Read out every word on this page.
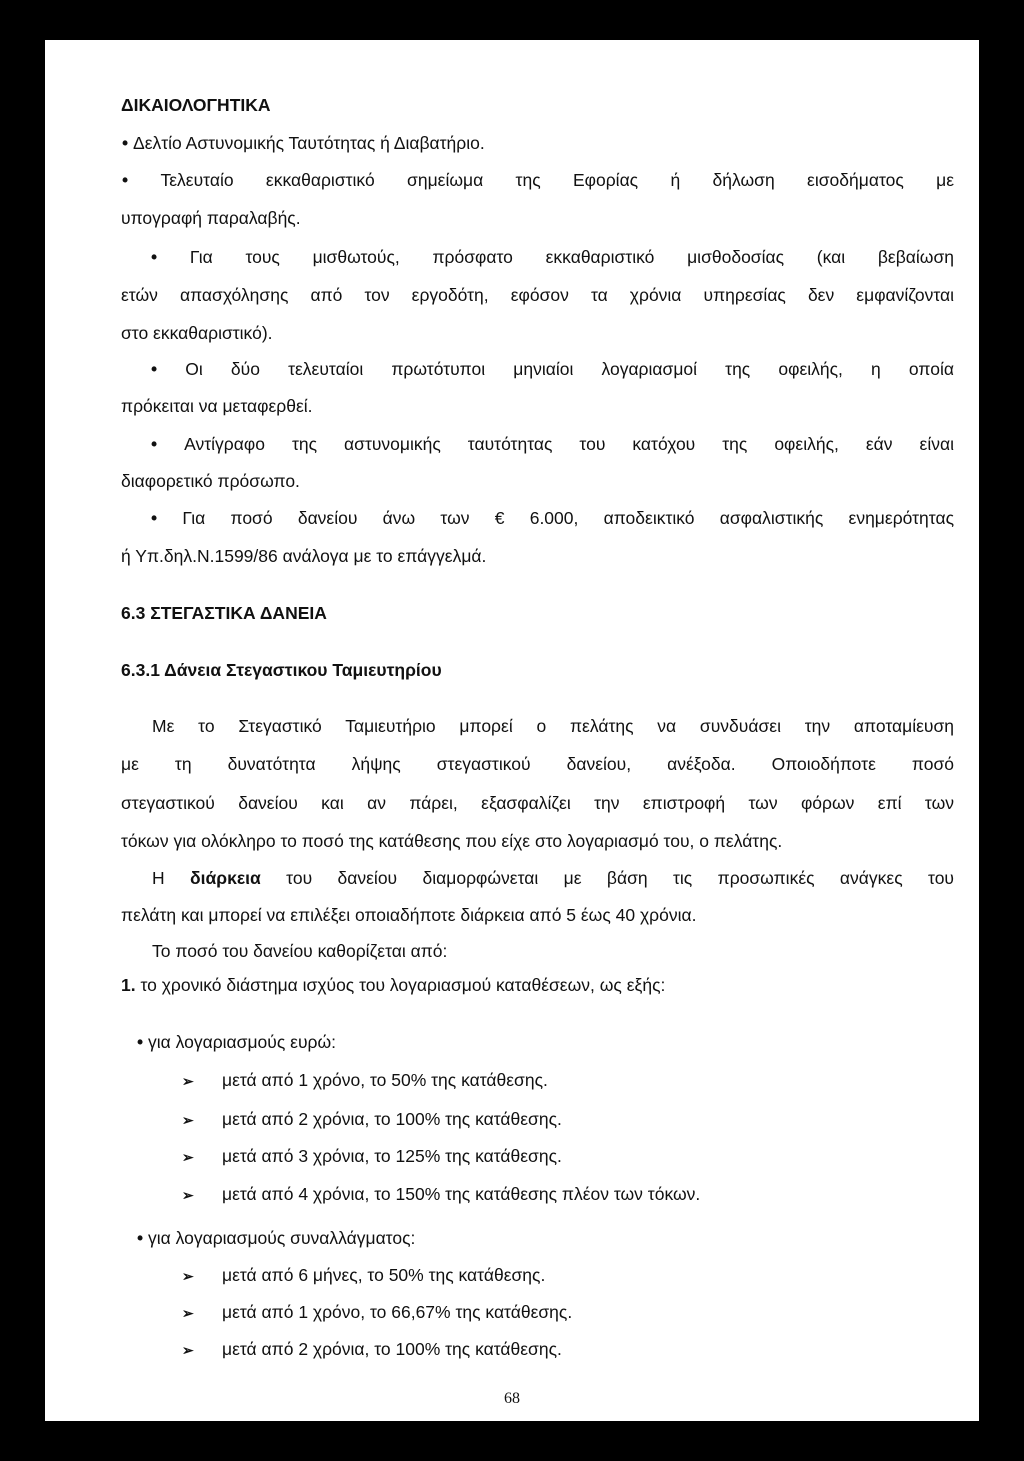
ΔΙΚΑΙΟΛΟΓΗΤΙΚΑ
• Δελτίο Αστυνομικής Ταυτότητας ή Διαβατήριο.
• Τελευταίο εκκαθαριστικό σημείωμα της Εφορίας ή δήλωση εισοδήματος με
υπογραφή παραλαβής.
• Για τους μισθωτούς, πρόσφατο εκκαθαριστικό μισθοδοσίας (και βεβαίωση
ετών απασχόλησης από τον εργοδότη, εφόσον τα χρόνια υπηρεσίας δεν εμφανίζονται
στο εκκαθαριστικό).
• Οι δύο τελευταίοι πρωτότυποι μηνιαίοι λογαριασμοί της οφειλής, η οποία
πρόκειται να μεταφερθεί.
• Αντίγραφο της αστυνομικής ταυτότητας του κατόχου της οφειλής, εάν είναι
διαφορετικό πρόσωπο.
• Για ποσό δανείου άνω των € 6.000, αποδεικτικό ασφαλιστικής ενημερότητας
ή Υπ.δηλ.Ν.1599/86 ανάλογα με το επάγγελμά.
6.3 ΣΤΕΓΑΣΤΙΚΑ ΔΑΝΕΙΑ
6.3.1 Δάνεια Στεγαστικου Ταμιευτηρίου
Με το Στεγαστικό Ταμιευτήριο μπορεί ο πελάτης να συνδυάσει την αποταμίευση
με τη δυνατότητα λήψης στεγαστικού δανείου, ανέξοδα. Οποιοδήποτε ποσό
στεγαστικού δανείου και αν πάρει, εξασφαλίζει την επιστροφή των φόρων επί των
τόκων για ολόκληρο το ποσό της κατάθεσης που είχε στο λογαριασμό του, ο πελάτης.
Η διάρκεια του δανείου διαμορφώνεται με βάση τις προσωπικές ανάγκες του
πελάτη και μπορεί να επιλέξει οποιαδήποτε διάρκεια από 5 έως 40 χρόνια.
Το ποσό του δανείου καθορίζεται από:
1. το χρονικό διάστημα ισχύος του λογαριασμού καταθέσεων, ως εξής:
• για λογαριασμούς ευρώ:
➢ μετά από 1 χρόνο, το 50% της κατάθεσης.
➢ μετά από 2 χρόνια, το 100% της κατάθεσης.
➢ μετά από 3 χρόνια, το 125% της κατάθεσης.
➢ μετά από 4 χρόνια, το 150% της κατάθεσης πλέον των τόκων.
• για λογαριασμούς συναλλάγματος:
➢ μετά από 6 μήνες, το 50% της κατάθεσης.
➢ μετά από 1 χρόνο, το 66,67% της κατάθεσης.
➢ μετά από 2 χρόνια, το 100% της κατάθεσης.
68
